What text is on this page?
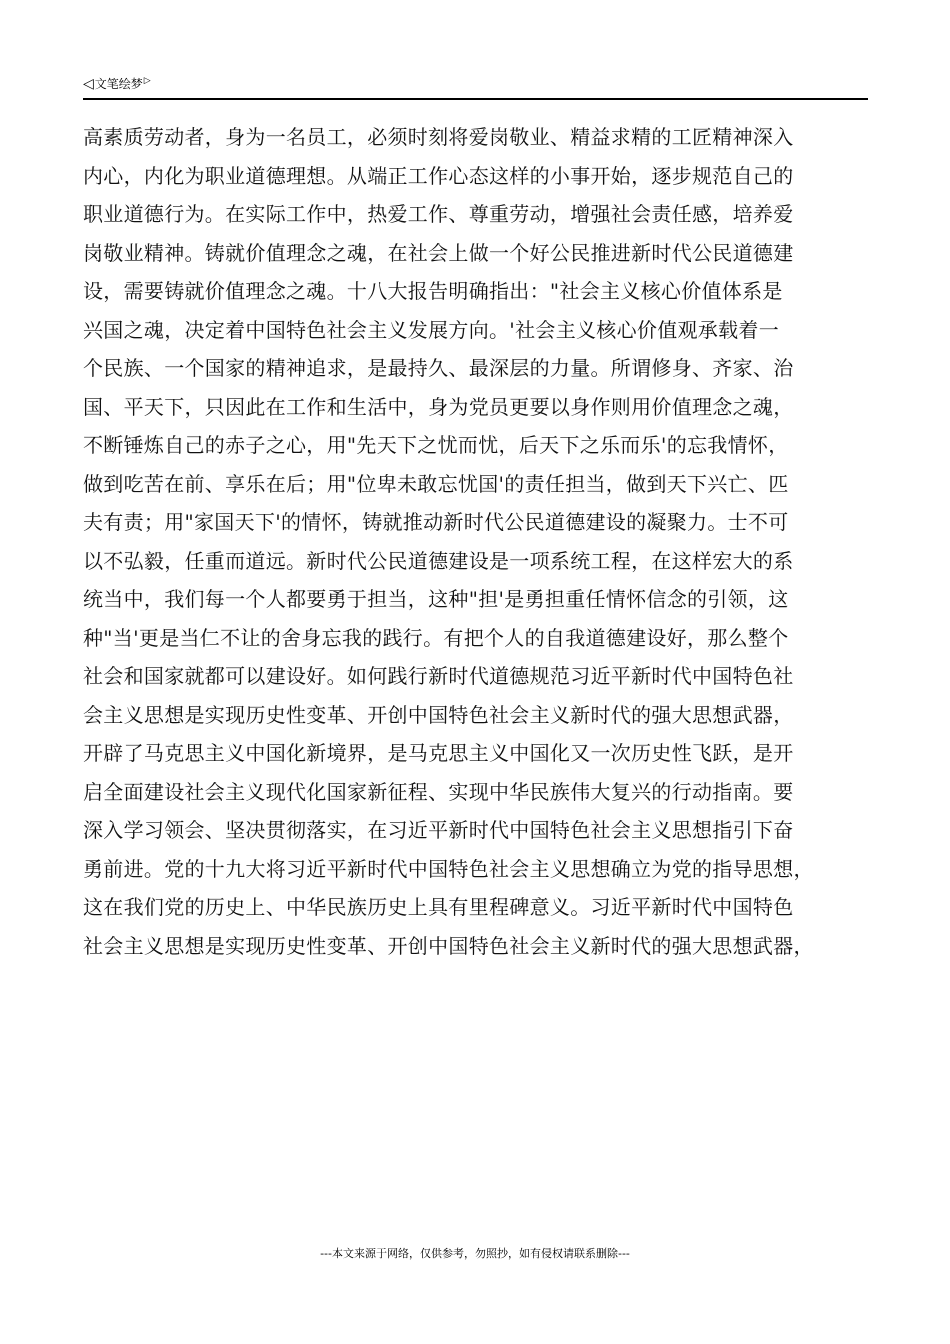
◁ 文笔绘梦 ▷
高素质劳动者，身为一名员工，必须时刻将爱岗敬业、精益求精的工匠精神深入
内心，内化为职业道德理想。从端正工作心态这样的小事开始，逐步规范自己的
职业道德行为。在实际工作中，热爱工作、尊重劳动，增强社会责任感，培养爱
岗敬业精神。铸就价值理念之魂，在社会上做一个好公民推进新时代公民道德建
设，需要铸就价值理念之魂。十八大报告明确指出："社会主义核心价值体系是
兴国之魂，决定着中国特色社会主义发展方向。'社会主义核心价值观承载着一
个民族、一个国家的精神追求，是最持久、最深层的力量。所谓修身、齐家、治
国、平天下，只因此在工作和生活中，身为党员更要以身作则用价值理念之魂，
不断锤炼自己的赤子之心，用"先天下之忧而忧，后天下之乐而乐'的忘我情怀，
做到吃苦在前、享乐在后；用"位卑未敢忘忧国'的责任担当，做到天下兴亡、匹
夫有责；用"家国天下'的情怀，铸就推动新时代公民道德建设的凝聚力。士不可
以不弘毅，任重而道远。新时代公民道德建设是一项系统工程，在这样宏大的系
统当中，我们每一个人都要勇于担当，这种"担'是勇担重任情怀信念的引领，这
种"当'更是当仁不让的舍身忘我的践行。有把个人的自我道德建设好，那么整个
社会和国家就都可以建设好。如何践行新时代道德规范习近平新时代中国特色社
会主义思想是实现历史性变革、开创中国特色社会主义新时代的强大思想武器，
开辟了马克思主义中国化新境界，是马克思主义中国化又一次历史性飞跃，是开
启全面建设社会主义现代化国家新征程、实现中华民族伟大复兴的行动指南。要
深入学习领会、坚决贯彻落实，在习近平新时代中国特色社会主义思想指引下奋
勇前进。党的十九大将习近平新时代中国特色社会主义思想确立为党的指导思想，
这在我们党的历史上、中华民族历史上具有里程碑意义。习近平新时代中国特色
社会主义思想是实现历史性变革、开创中国特色社会主义新时代的强大思想武器，
---本文来源于网络，仅供参考，勿照抄，如有侵权请联系删除---
